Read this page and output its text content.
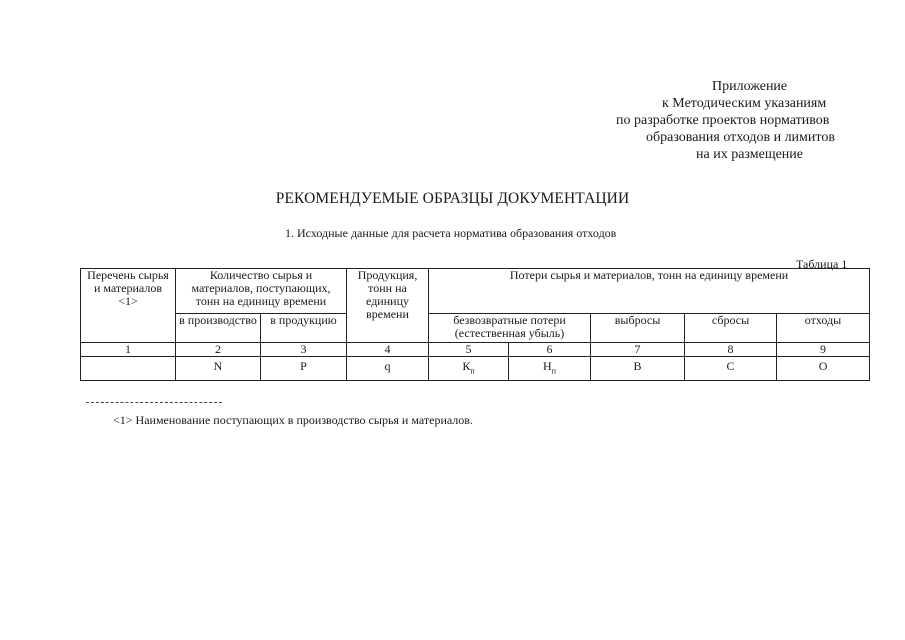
Приложение
к Методическим указаниям
по разработке проектов нормативов
образования отходов и лимитов
на их размещение
РЕКОМЕНДУЕМЫЕ ОБРАЗЦЫ ДОКУМЕНТАЦИИ
1. Исходные данные для расчета норматива образования отходов
Таблица 1
Перечень сырья и материалов <1>	Количество сырья и материалов, поступающих, тонн на единицу времени		Продукция, тонн на единицу времени	Потери сырья и материалов, тонн на единицу времени				
	в производство	в продукцию		безвозвратные потери (естественная убыль)		выбросы	сбросы	отходы
1	2	3	4	5	6	7	8	9
	N	P	q	$К_п$	$Н_п$	В	С	О
<1> Наименование поступающих в производство сырья и материалов.
